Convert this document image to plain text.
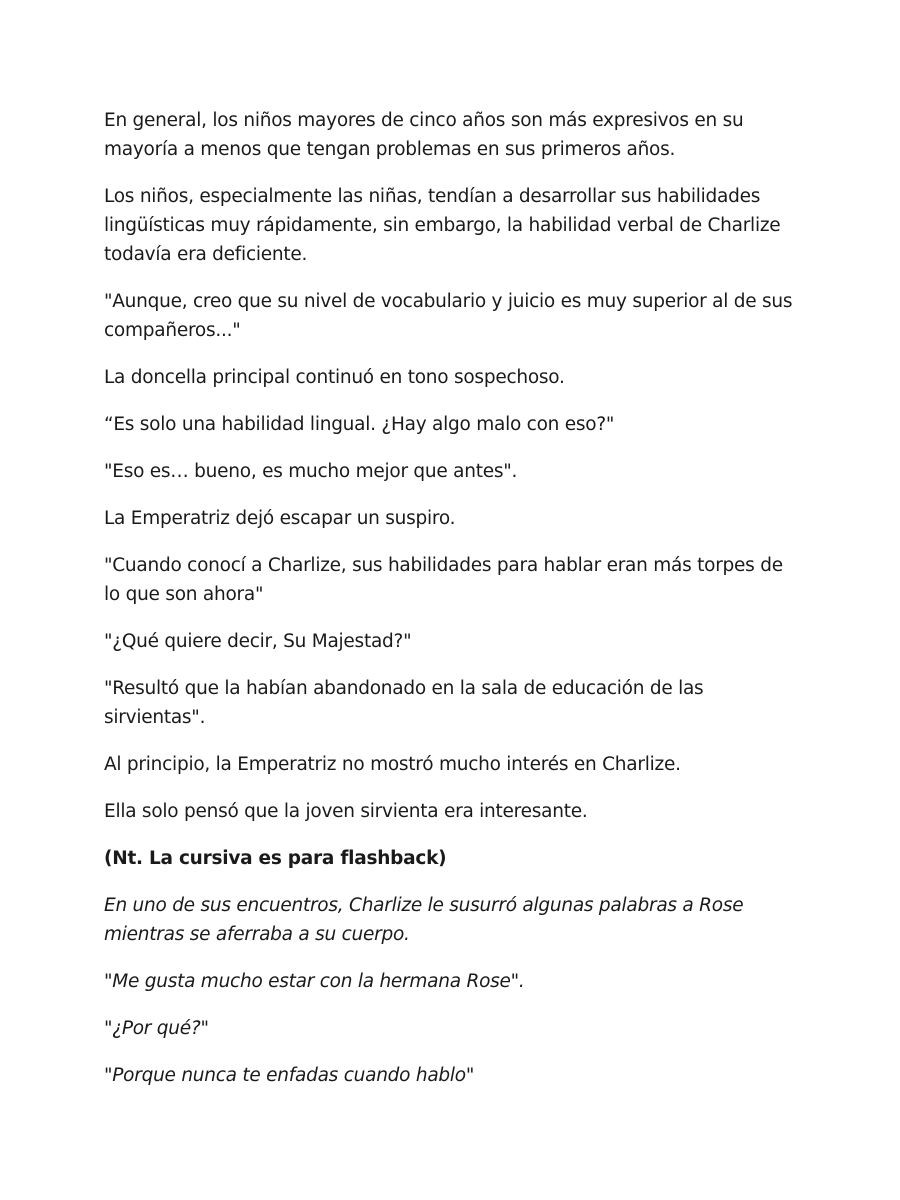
En general, los niños mayores de cinco años son más expresivos en su mayoría a menos que tengan problemas en sus primeros años.

Los niños, especialmente las niñas, tendían a desarrollar sus habilidades lingüísticas muy rápidamente, sin embargo, la habilidad verbal de Charlize todavía era deficiente.

"Aunque, creo que su nivel de vocabulario y juicio es muy superior al de sus compañeros..."

La doncella principal continuó en tono sospechoso.

“Es solo una habilidad lingual. ¿Hay algo malo con eso?"

"Eso es… bueno, es mucho mejor que antes".

La Emperatriz dejó escapar un suspiro.

"Cuando conocí a Charlize, sus habilidades para hablar eran más torpes de lo que son ahora"

"¿Qué quiere decir, Su Majestad?"

"Resultó que la habían abandonado en la sala de educación de las sirvientas".

Al principio, la Emperatriz no mostró mucho interés en Charlize.

Ella solo pensó que la joven sirvienta era interesante.

(Nt. La cursiva es para flashback)

En uno de sus encuentros, Charlize le susurró algunas palabras a Rose mientras se aferraba a su cuerpo.

"Me gusta mucho estar con la hermana Rose".

"¿Por qué?"

"Porque nunca te enfadas cuando hablo"
